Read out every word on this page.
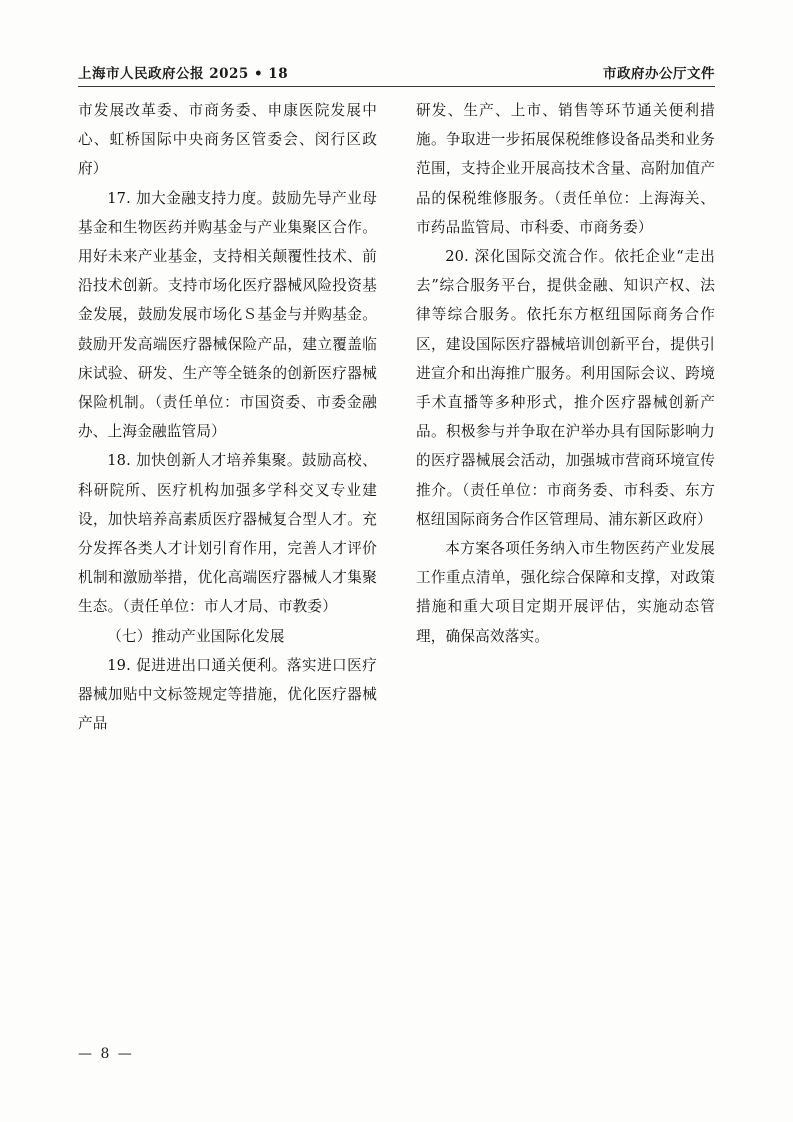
上海市人民政府公报 2025 • 18	市政府办公厅文件

市发展改革委、市商务委、申康医院发展中心、虹桥国际中央商务区管委会、闵行区政府）

17. 加大金融支持力度。鼓励先导产业母基金和生物医药并购基金与产业集聚区合作。用好未来产业基金，支持相关颠覆性技术、前沿技术创新。支持市场化医疗器械风险投资基金发展，鼓励发展市场化Ｓ基金与并购基金。鼓励开发高端医疗器械保险产品，建立覆盖临床试验、研发、生产等全链条的创新医疗器械保险机制。（责任单位：市国资委、市委金融办、上海金融监管局）

18. 加快创新人才培养集聚。鼓励高校、科研院所、医疗机构加强多学科交叉专业建设，加快培养高素质医疗器械复合型人才。充分发挥各类人才计划引育作用，完善人才评价机制和激励举措，优化高端医疗器械人才集聚生态。（责任单位：市人才局、市教委）

（七）推动产业国际化发展

19. 促进进出口通关便利。落实进口医疗器械加贴中文标签规定等措施，优化医疗器械产品

研发、生产、上市、销售等环节通关便利措施。争取进一步拓展保税维修设备品类和业务范围，支持企业开展高技术含量、高附加值产品的保税维修服务。（责任单位：上海海关、市药品监管局、市科委、市商务委）

20. 深化国际交流合作。依托企业“走出去”综合服务平台，提供金融、知识产权、法律等综合服务。依托东方枢纽国际商务合作区，建设国际医疗器械培训创新平台，提供引进宣介和出海推广服务。利用国际会议、跨境手术直播等多种形式，推介医疗器械创新产品。积极参与并争取在沪举办具有国际影响力的医疗器械展会活动，加强城市营商环境宣传推介。（责任单位：市商务委、市科委、东方枢纽国际商务合作区管理局、浦东新区政府）

本方案各项任务纳入市生物医药产业发展工作重点清单，强化综合保障和支撑，对政策措施和重大项目定期开展评估，实施动态管理，确保高效落实。

— 8 —
